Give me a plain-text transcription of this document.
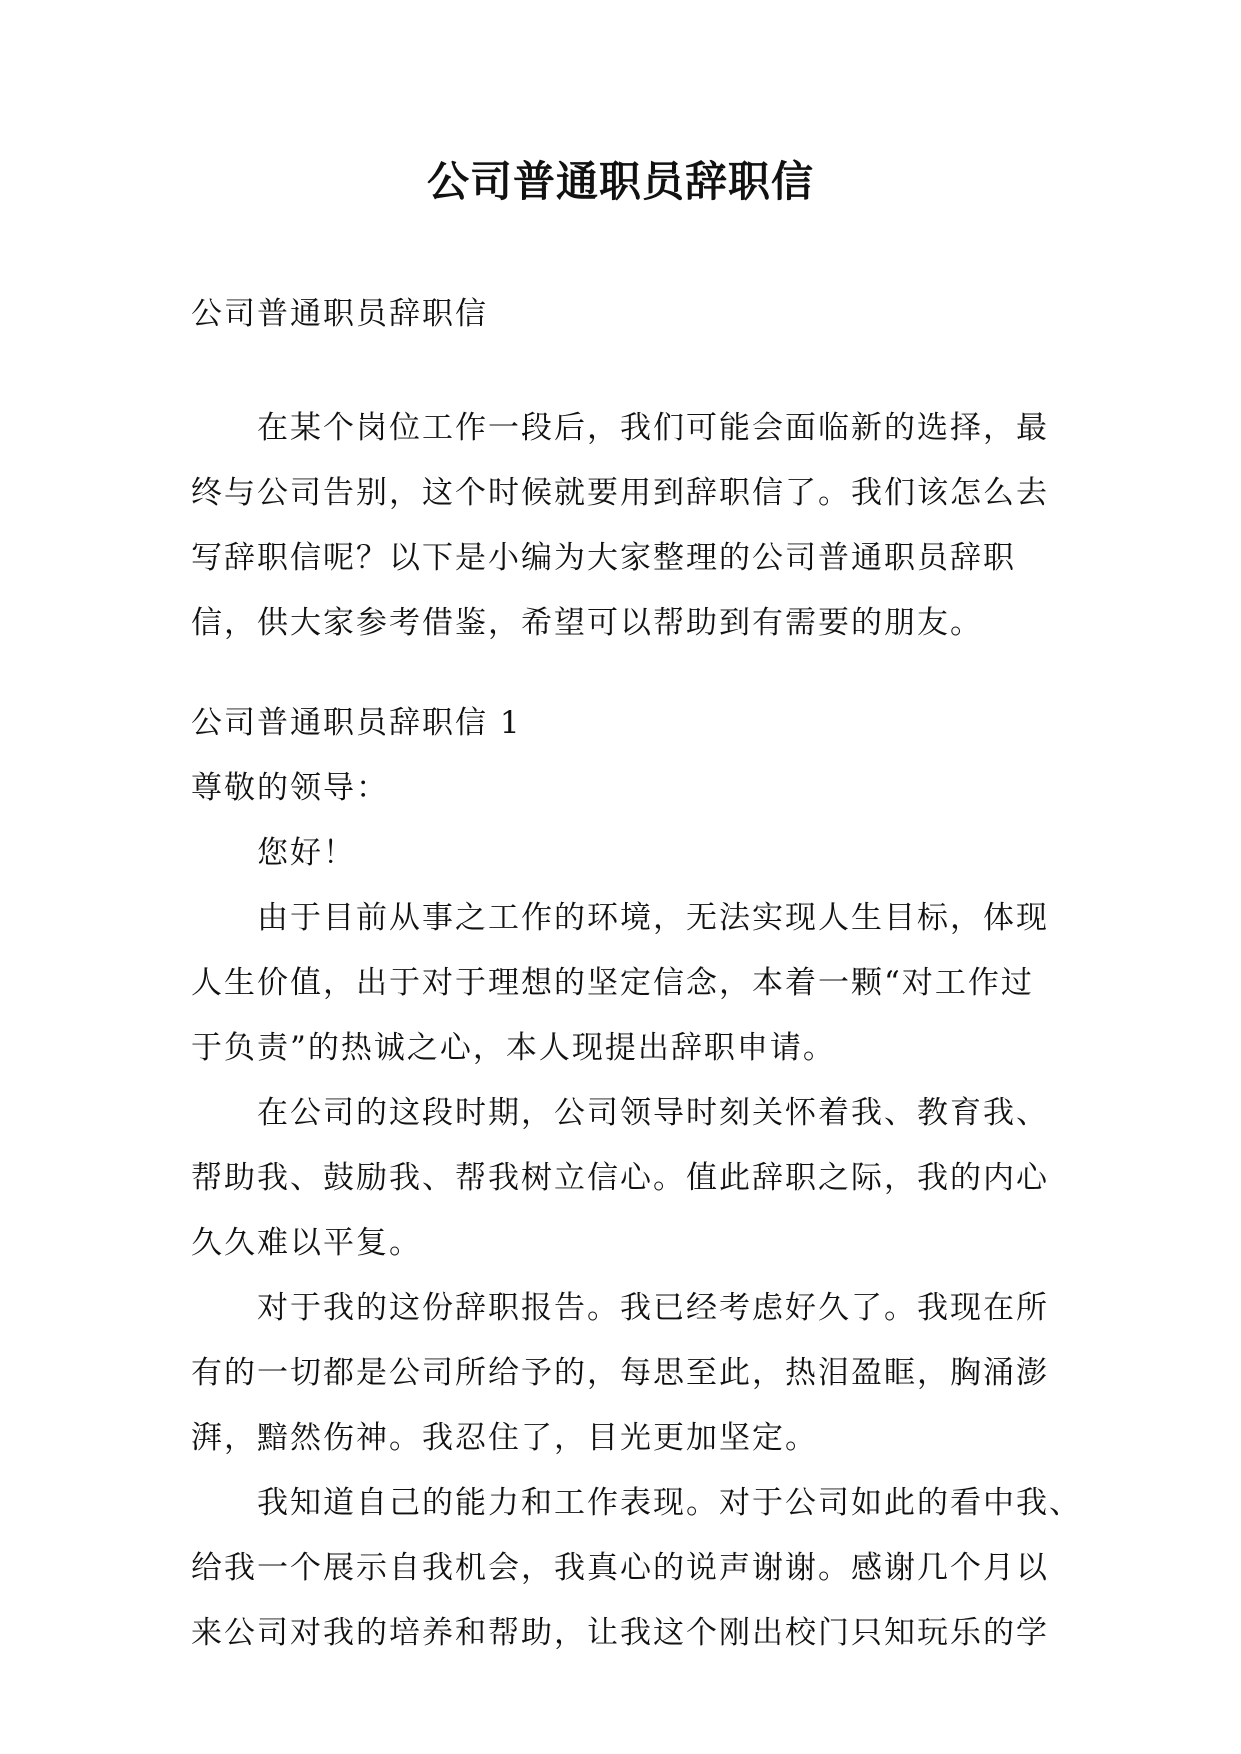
公司普通职员辞职信
公司普通职员辞职信
在某个岗位工作一段后，我们可能会面临新的选择，最
终与公司告别，这个时候就要用到辞职信了。我们该怎么去
写辞职信呢？以下是小编为大家整理的公司普通职员辞职
信，供大家参考借鉴，希望可以帮助到有需要的朋友。
公司普通职员辞职信 1
尊敬的领导：
您好！
由于目前从事之工作的环境，无法实现人生目标，体现
人生价值，出于对于理想的坚定信念，本着一颗“对工作过
于负责”的热诚之心，本人现提出辞职申请。
在公司的这段时期，公司领导时刻关怀着我、教育我、
帮助我、鼓励我、帮我树立信心。值此辞职之际，我的内心
久久难以平复。
对于我的这份辞职报告。我已经考虑好久了。我现在所
有的一切都是公司所给予的，每思至此，热泪盈眶，胸涌澎
湃，黯然伤神。我忍住了，目光更加坚定。
我知道自己的能力和工作表现。对于公司如此的看中我、
给我一个展示自我机会，我真心的说声谢谢。感谢几个月以
来公司对我的培养和帮助，让我这个刚出校门只知玩乐的学
